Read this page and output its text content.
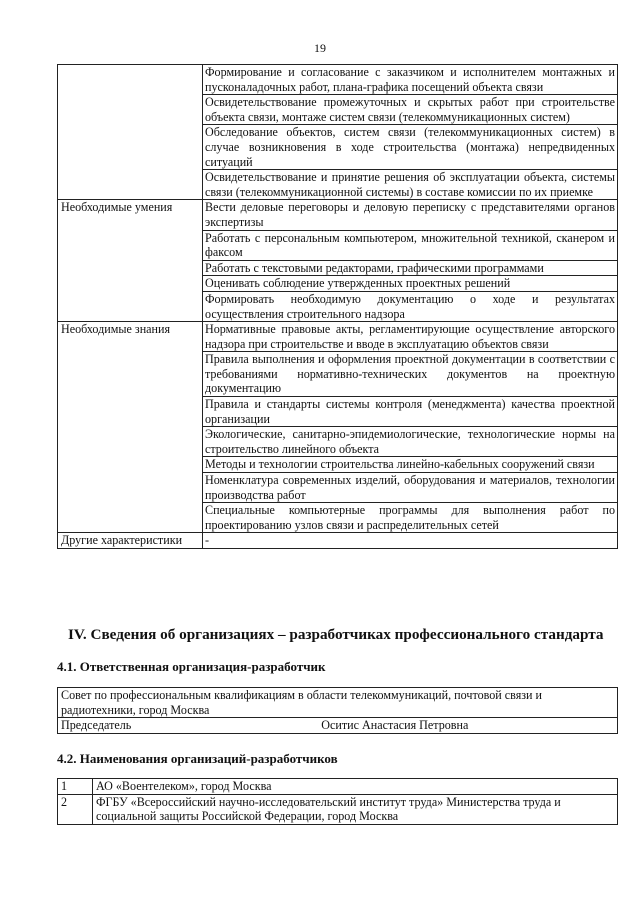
19
	Формирование и согласование с заказчиком и исполнителем монтажных и пусконаладочных работ, плана-графика посещений объекта связи
	Освидетельствование промежуточных и скрытых работ при строительстве объекта связи, монтаже систем связи (телекоммуникационных систем)
	Обследование объектов, систем связи (телекоммуникационных систем) в случае возникновения в ходе строительства (монтажа) непредвиденных ситуаций
	Освидетельствование и принятие решения об эксплуатации объекта, системы связи (телекоммуникационной системы) в составе комиссии по их приемке
Необходимые умения	Вести деловые переговоры и деловую переписку с представителями органов экспертизы
	Работать с персональным компьютером, множительной техникой, сканером и факсом
	Работать с текстовыми редакторами, графическими программами
	Оценивать соблюдение утвержденных проектных решений
	Формировать необходимую документацию о ходе и результатах осуществления строительного надзора
Необходимые знания	Нормативные правовые акты, регламентирующие осуществление авторского надзора при строительстве и вводе в эксплуатацию объектов связи
	Правила выполнения и оформления проектной документации в соответствии с требованиями нормативно-технических документов на проектную документацию
	Правила и стандарты системы контроля (менеджмента) качества проектной организации
	Экологические, санитарно-эпидемиологические, технологические нормы на строительство линейного объекта
	Методы и технологии строительства линейно-кабельных сооружений связи
	Номенклатура современных изделий, оборудования и материалов, технологии производства работ
	Специальные компьютерные программы для выполнения работ по проектированию узлов связи и распределительных сетей
Другие характеристики	-
IV. Сведения об организациях – разработчиках профессионального стандарта
4.1. Ответственная организация-разработчик
Совет по профессиональным квалификациям в области телекоммуникаций, почтовой связи и радиотехники, город Москва
Председатель	Оситис Анастасия Петровна
4.2. Наименования организаций-разработчиков
1	АО «Воентелеком», город Москва
2	ФГБУ «Всероссийский научно-исследовательский институт труда» Министерства труда и социальной защиты Российской Федерации, город Москва
